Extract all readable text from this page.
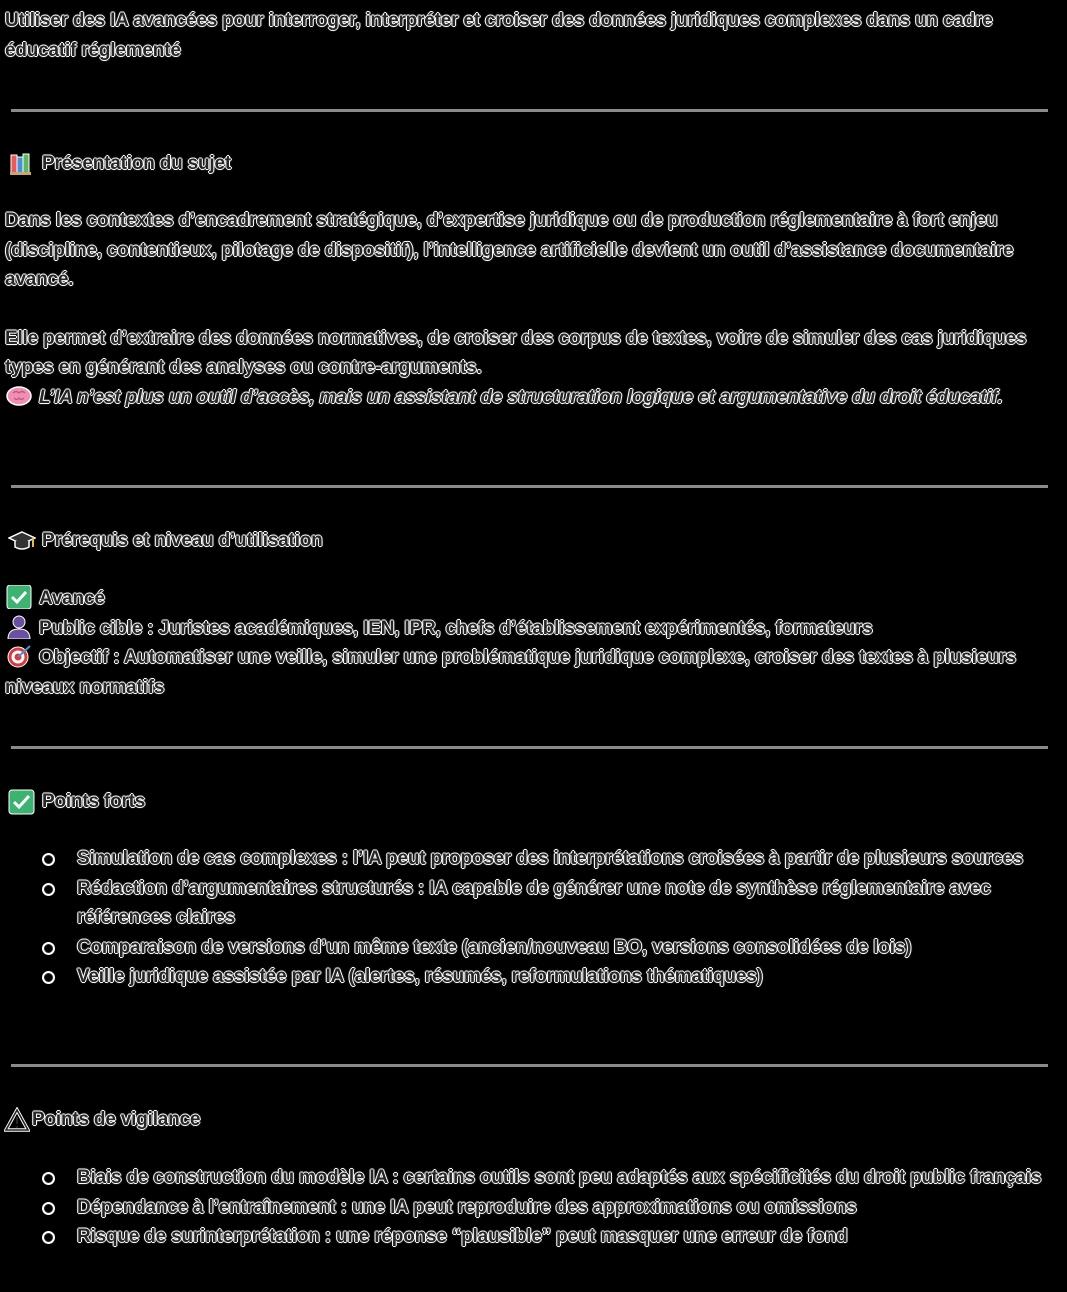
Utiliser des IA avancées pour interroger, interpréter et croiser des données juridiques complexes dans un cadre éducatif réglementé
Présentation du sujet

Dans les contextes d’encadrement stratégique, d’expertise juridique ou de production réglementaire à fort enjeu (discipline, contentieux, pilotage de dispositif), l’intelligence artificielle devient un outil d’assistance documentaire avancé.

Elle permet d’extraire des données normatives, de croiser des corpus de textes, voire de simuler des cas juridiques types en générant des analyses ou contre-arguments.

L’IA n’est plus un outil d’accès, mais un assistant de structuration logique et argumentative du droit éducatif.

Prérequis et niveau d’utilisation

Avancé

Public cible : Juristes académiques, IEN, IPR, chefs d’établissement expérimentés, formateurs

Objectif : Automatiser une veille, simuler une problématique juridique complexe, croiser des textes à plusieurs niveaux normatifs

Points forts
Simulation de cas complexes : l’IA peut proposer des interprétations croisées à partir de plusieurs sources
Rédaction d’argumentaires structurés : IA capable de générer une note de synthèse réglementaire avec références claires
Comparaison de versions d’un même texte (ancien/nouveau BO, versions consolidées de lois)
Veille juridique assistée par IA (alertes, résumés, reformulations thématiques)
Points de vigilance
Biais de construction du modèle IA : certains outils sont peu adaptés aux spécificités du droit public français
Dépendance à l’entraînement : une IA peut reproduire des approximations ou omissions
Risque de surinterprétation : une réponse “plausible” peut masquer une erreur de fond
